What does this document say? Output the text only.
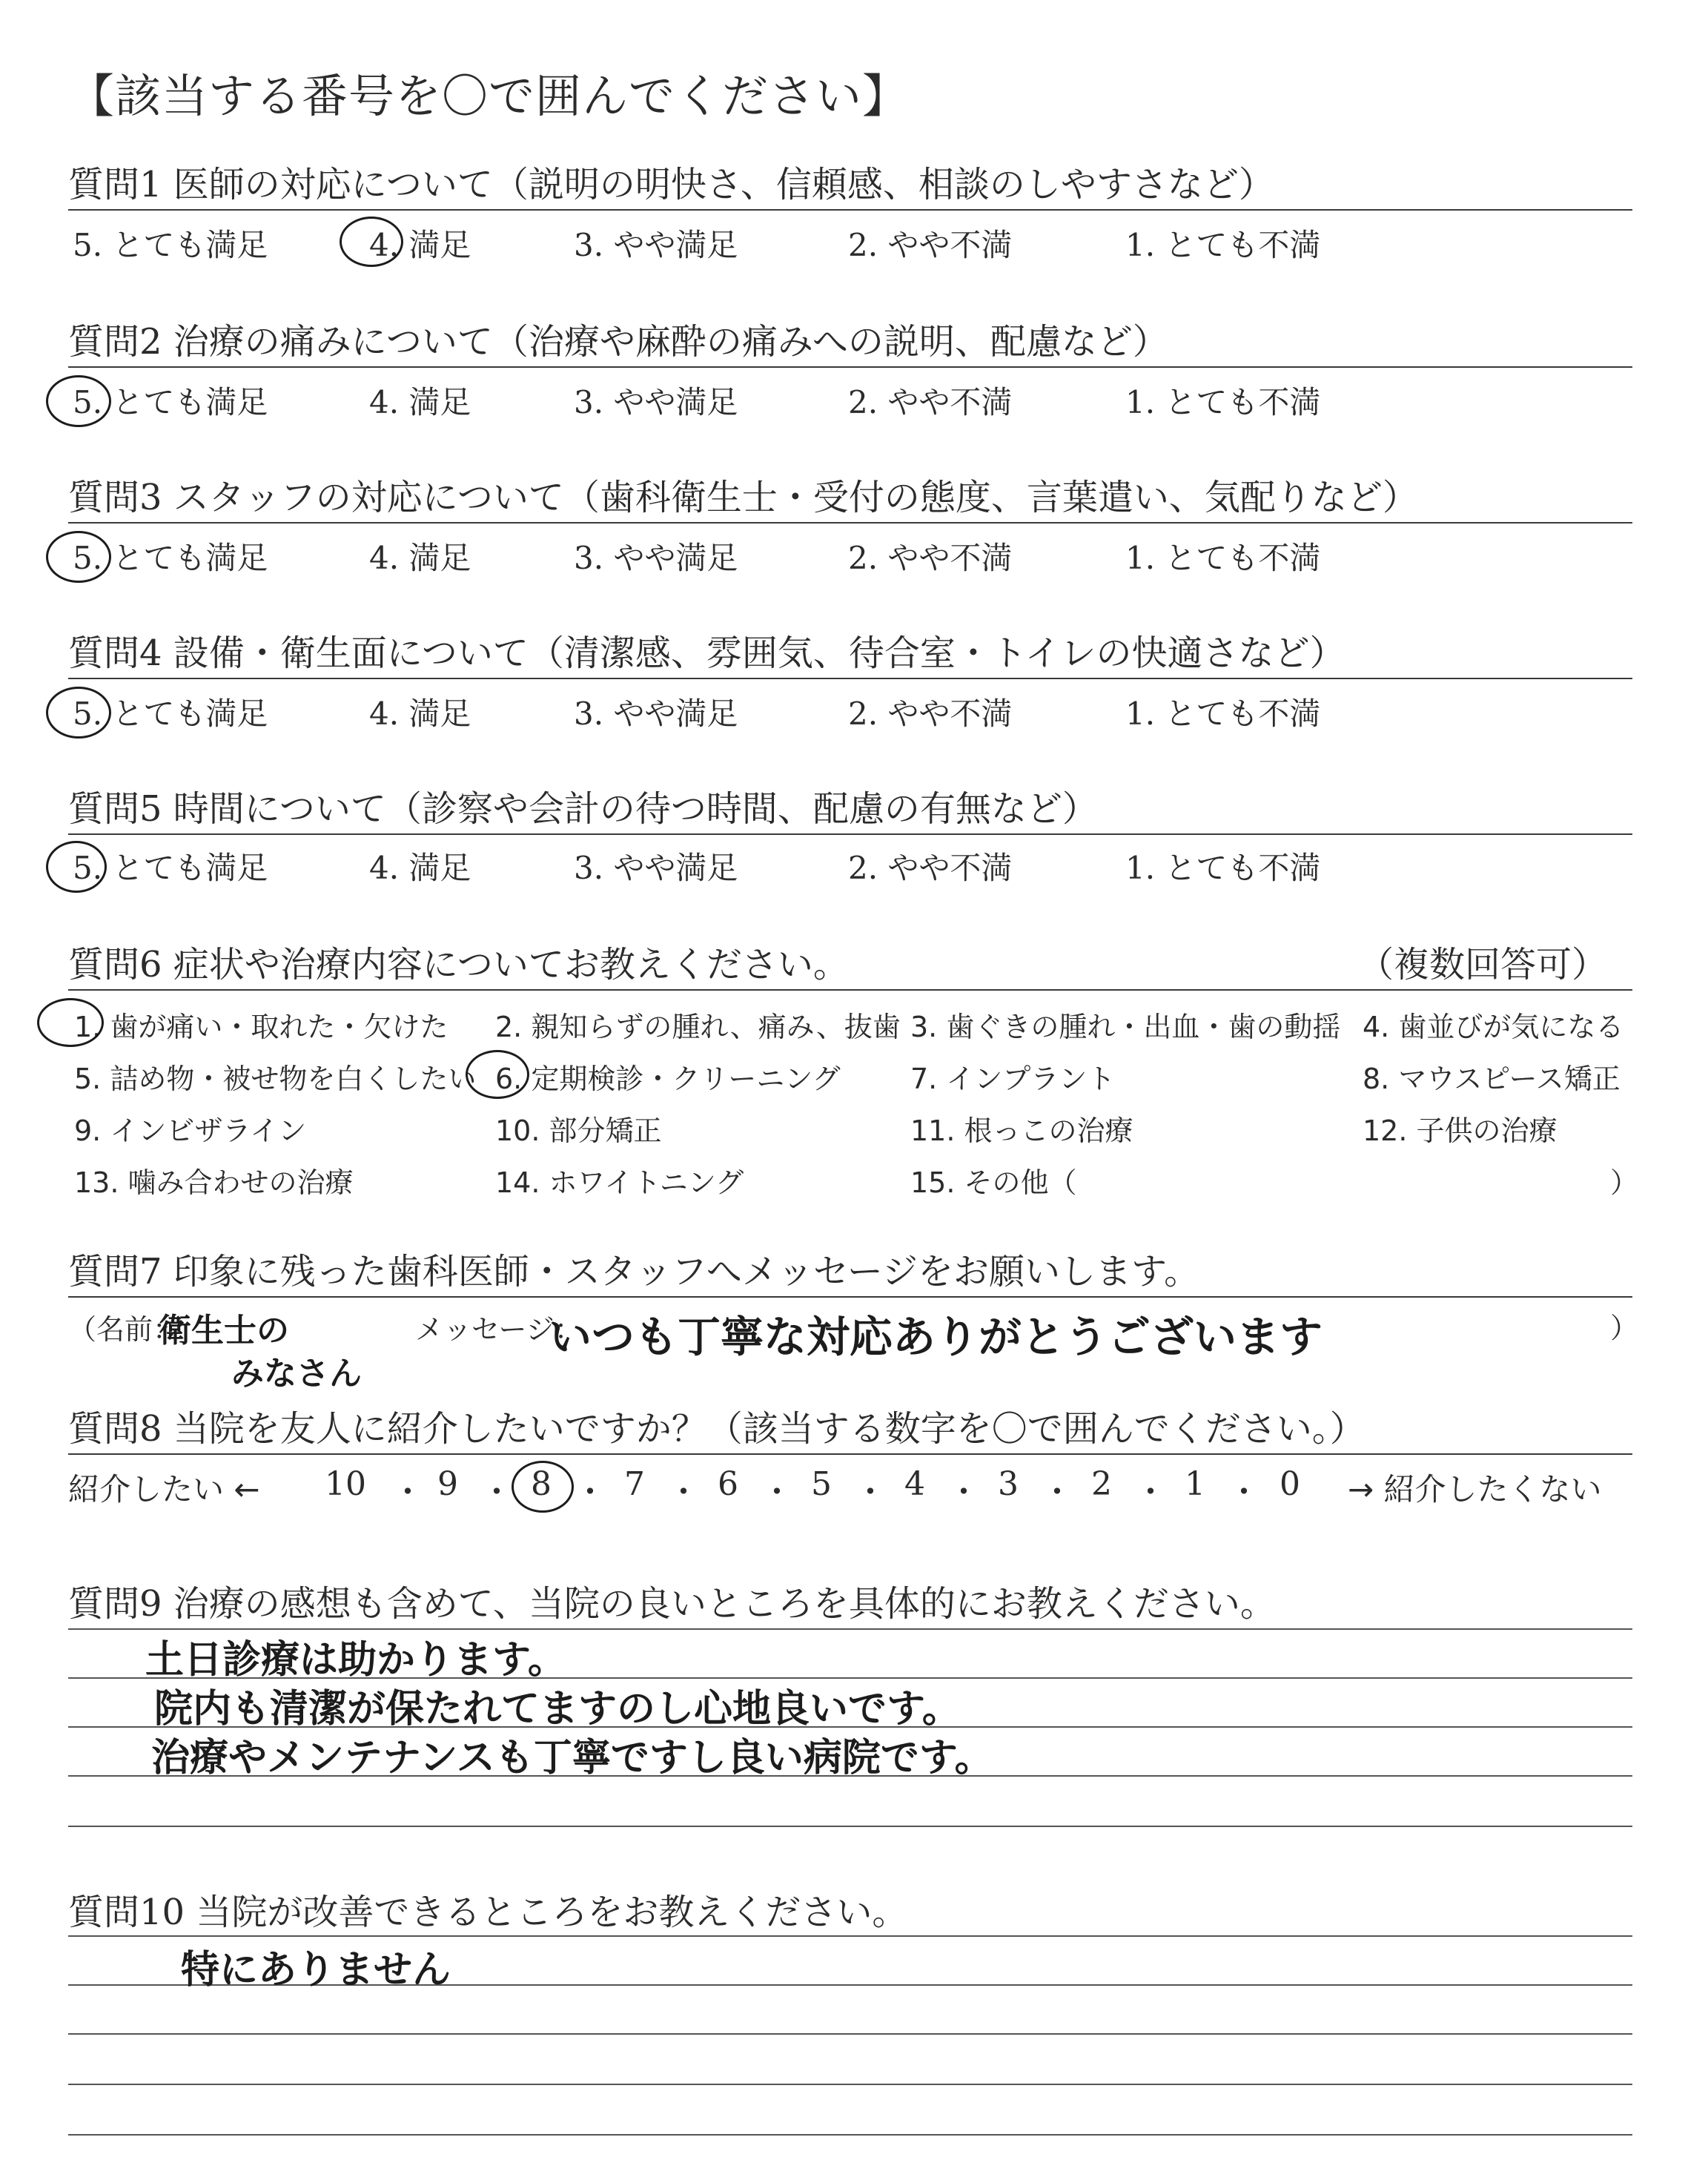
【該当する番号を〇で囲んでください】
質問1 医師の対応について（説明の明快さ、信頼感、相談のしやすさなど）
5. とても満足	4. 満足	3. やや満足	2. やや不満	1. とても不満
質問2 治療の痛みについて（治療や麻酔の痛みへの説明、配慮など）
5. とても満足	4. 満足	3. やや満足	2. やや不満	1. とても不満
質問3 スタッフの対応について（歯科衛生士・受付の態度、言葉遣い、気配りなど）
5. とても満足	4. 満足	3. やや満足	2. やや不満	1. とても不満
質問4 設備・衛生面について（清潔感、雰囲気、待合室・トイレの快適さなど）
5. とても満足	4. 満足	3. やや満足	2. やや不満	1. とても不満
質問5 時間について（診察や会計の待つ時間、配慮の有無など）
5. とても満足	4. 満足	3. やや満足	2. やや不満	1. とても不満
質問6 症状や治療内容についてお教えください。	（複数回答可）
1. 歯が痛い・取れた・欠けた 2. 親知らずの腫れ、痛み、抜歯 3. 歯ぐきの腫れ・出血・歯の動揺 4. 歯並びが気になる
5. 詰め物・被せ物を白くしたい 6. 定期検診・クリーニング 7. インプラント	8. マウスピース矯正
9. インビザライン	10. 部分矯正	11. 根っこの治療	12. 子供の治療
13. 噛み合わせの治療	14. ホワイトニング	15. その他（	）
質問7 印象に残った歯科医師・スタッフへメッセージをお願いします。
（名前：
衛生士の
みなさん
メッセージ：
いつも丁寧な対応ありがとうございます	）
質問8 当院を友人に紹介したいですか？（該当する数字を〇で囲んでください。）
紹介したい ← 10 9 8 7 6 5 4 3 2 1 0
・ ・ ・ ・ ・ ・ ・ ・ ・ ・	→ 紹介したくない
質問9 治療の感想も含めて、当院の良いところを具体的にお教えください。
土日診療は助かります。
院内も清潔が保たれてますのし心地良いです。
治療やメンテナンスも丁寧ですし良い病院です。
質問10 当院が改善できるところをお教えください。
特にありません
